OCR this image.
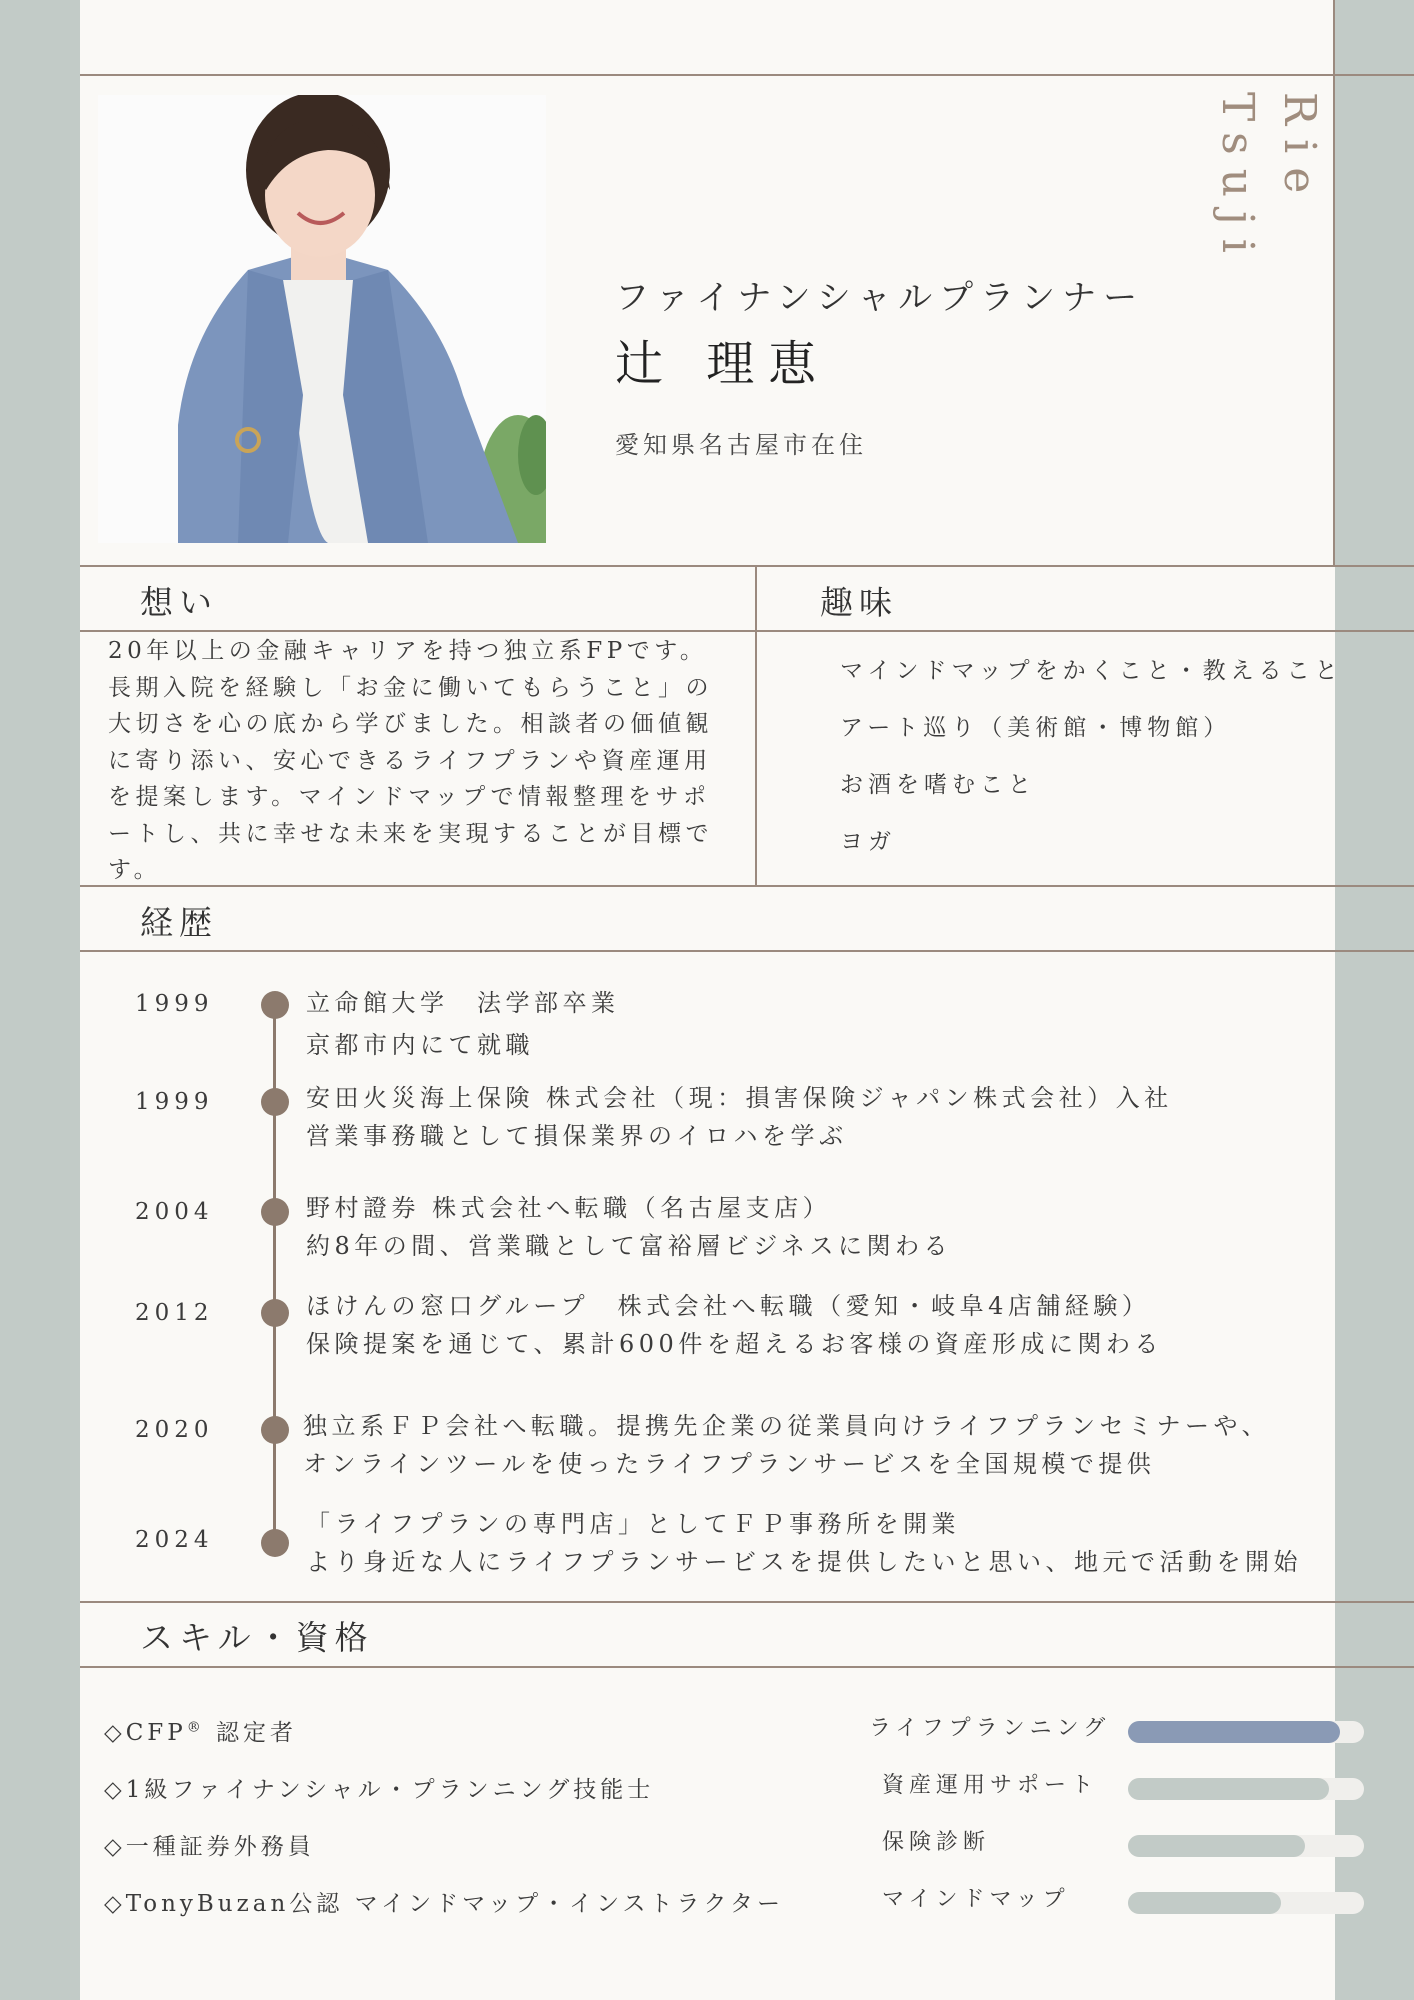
Rie
Tsuji
ファイナンシャルプランナー
辻 理恵
愛知県名古屋市在住
想い
20年以上の金融キャリアを持つ独立系FPです。長期入院を経験し「お金に働いてもらうこと」の大切さを心の底から学びました。相談者の価値観に寄り添い、安心できるライフプランや資産運用を提案します。マインドマップで情報整理をサポートし、共に幸せな未来を実現することが目標です。
趣味
マインドマップをかくこと・教えること
アート巡り（美術館・博物館）
お酒を嗜むこと
ヨガ
経歴
1999	立命館大学　法学部卒業
京都市内にて就職
1999	安田火災海上保険 株式会社（現：損害保険ジャパン株式会社）入社
営業事務職として損保業界のイロハを学ぶ
2004	野村證券 株式会社へ転職（名古屋支店）
約8年の間、営業職として富裕層ビジネスに関わる
2012	ほけんの窓口グループ　株式会社へ転職（愛知・岐阜4店舗経験）
保険提案を通じて、累計600件を超えるお客様の資産形成に関わる
2020	独立系ＦＰ会社へ転職。提携先企業の従業員向けライフプランセミナーや、
オンラインツールを使ったライフプランサービスを全国規模で提供
2024
「ライフプランの専門店」としてＦＰ事務所を開業
より身近な人にライフプランサービスを提供したいと思い、地元で活動を開始
スキル・資格
◇CFP® 認定者
◇1級ファイナンシャル・プランニング技能士
◇一種証券外務員
◇TonyBuzan公認 マインドマップ・インストラクター
ライフプランニング
資産運用サポート
保険診断
マインドマップ
